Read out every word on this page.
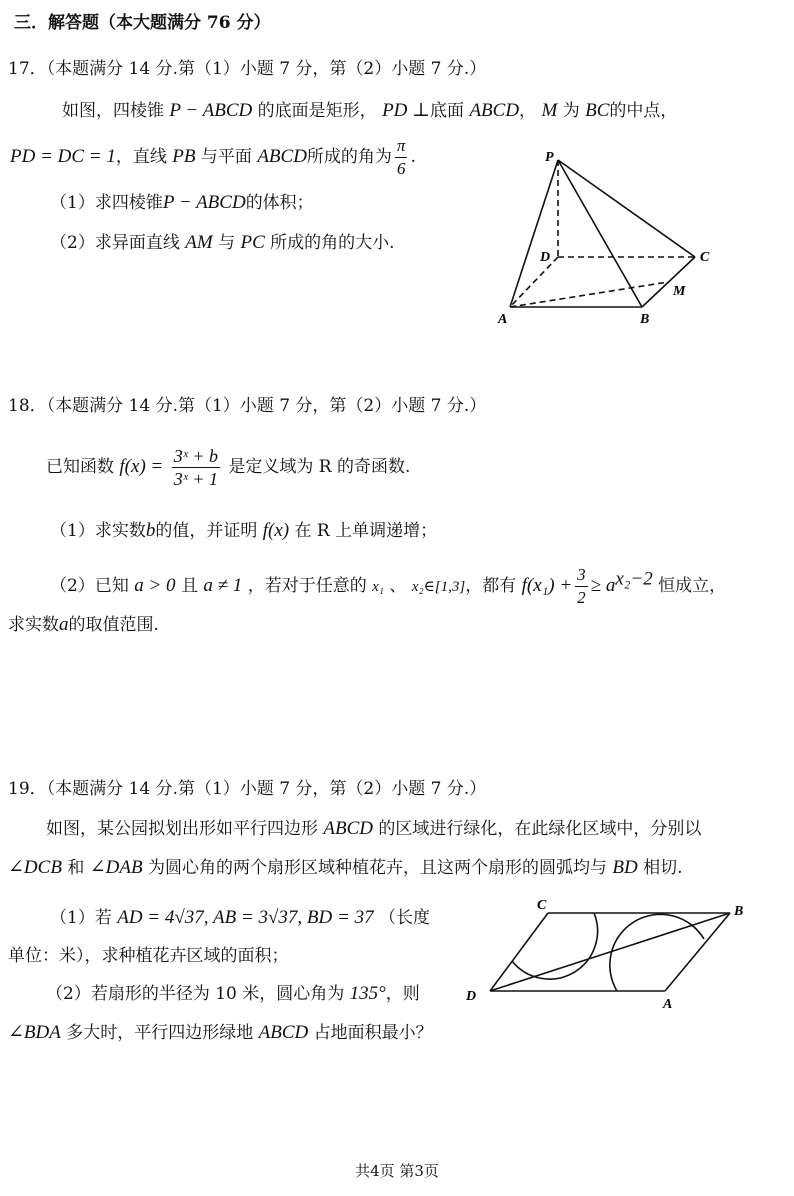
三．解答题（本大题满分 76 分）
17．（本题满分 14 分.第（1）小题 7 分，第（2）小题 7 分.）
如图，四棱锥 P − ABCD 的底面是矩形， PD ⊥底面 ABCD， M 为 BC的中点，
PD = DC = 1，直线 PB 与平面 ABCD所成的角为 $\frac{\pi}{6}$ .
（1）求四棱锥P − ABCD的体积；
（2）求异面直线 AM 与 PC 所成的角的大小.
P
D	C
M
A	B
18．（本题满分 14 分.第（1）小题 7 分，第（2）小题 7 分.）
已知函数 $f(x) = \frac{\text{3ˣ + b}}{\text{3ˣ + 1}}$ 是定义域为 R 的奇函数.
（1）求实数b的值，并证明 f(x) 在 R 上单调递增；
（2）已知 a > 0 且 a ≠ 1 ，若对于任意的 x₁ 、 x₂∈[1,3]，都有 $f(x_1) + \frac{3}{2} \ge a^{x_2-2}$ 恒成立，
求实数a的取值范围.
19．（本题满分 14 分.第（1）小题 7 分，第（2）小题 7 分.）
如图，某公园拟划出形如平行四边形 ABCD 的区域进行绿化，在此绿化区域中，分别以
∠DCB 和 ∠DAB 为圆心角的两个扇形区域种植花卉，且这两个扇形的圆弧均与 BD 相切.
（1）若 AD = 4√37, AB = 3√37, BD = 37 （长度
单位：米），求种植花卉区域的面积；
（2）若扇形的半径为 10 米，圆心角为 135°，则
∠BDA 多大时，平行四边形绿地 ABCD 占地面积最小？
C	B
D
A
共4页 第3页
